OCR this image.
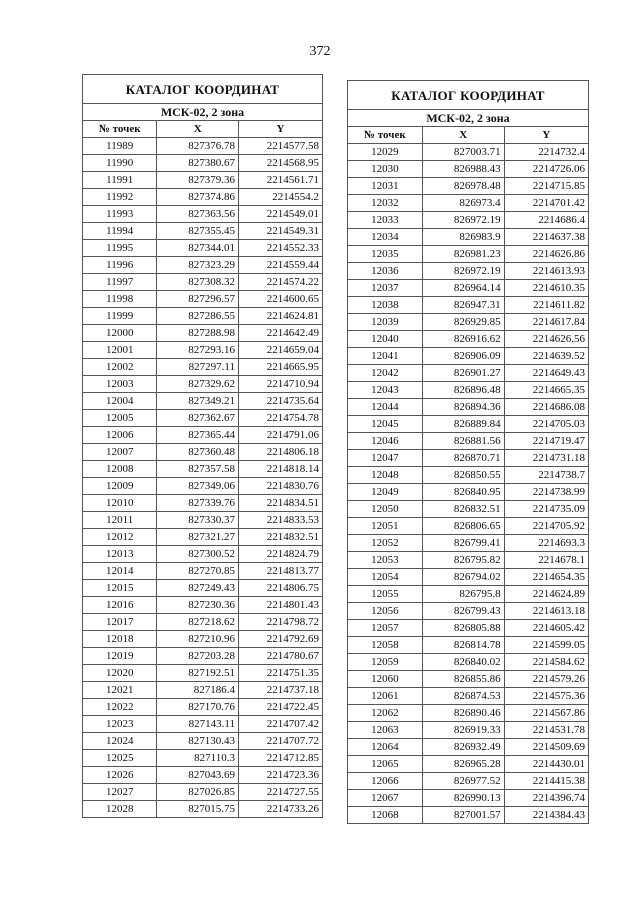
372
КАТАЛОГ КООРДИНАТ		
МСК-02, 2 зона		
№ точек	X	Y
11989	827376.78	2214577.58
11990	827380.67	2214568.95
11991	827379.36	2214561.71
11992	827374.86	2214554.2
11993	827363.56	2214549.01
11994	827355.45	2214549.31
11995	827344.01	2214552.33
11996	827323.29	2214559.44
11997	827308.32	2214574.22
11998	827296.57	2214600.65
11999	827286.55	2214624.81
12000	827288.98	2214642.49
12001	827293.16	2214659.04
12002	827297.11	2214665.95
12003	827329.62	2214710.94
12004	827349.21	2214735.64
12005	827362.67	2214754.78
12006	827365.44	2214791.06
12007	827360.48	2214806.18
12008	827357.58	2214818.14
12009	827349.06	2214830.76
12010	827339.76	2214834.51
12011	827330.37	2214833.53
12012	827321.27	2214832.51
12013	827300.52	2214824.79
12014	827270.85	2214813.77
12015	827249.43	2214806.75
12016	827230.36	2214801.43
12017	827218.62	2214798.72
12018	827210.96	2214792.69
12019	827203.28	2214780.67
12020	827192.51	2214751.35
12021	827186.4	2214737.18
12022	827170.76	2214722.45
12023	827143.11	2214707.42
12024	827130.43	2214707.72
12025	827110.3	2214712.85
12026	827043.69	2214723.36
12027	827026.85	2214727.55
12028	827015.75	2214733.26
КАТАЛОГ КООРДИНАТ		
МСК-02, 2 зона		
№ точек	X	Y
12029	827003.71	2214732.4
12030	826988.43	2214726.06
12031	826978.48	2214715.85
12032	826973.4	2214701.42
12033	826972.19	2214686.4
12034	826983.9	2214637.38
12035	826981.23	2214626.86
12036	826972.19	2214613.93
12037	826964.14	2214610.35
12038	826947.31	2214611.82
12039	826929.85	2214617.84
12040	826916.62	2214626.56
12041	826906.09	2214639.52
12042	826901.27	2214649.43
12043	826896.48	2214665.35
12044	826894.36	2214686.08
12045	826889.84	2214705.03
12046	826881.56	2214719.47
12047	826870.71	2214731.18
12048	826850.55	2214738.7
12049	826840.95	2214738.99
12050	826832.51	2214735.09
12051	826806.65	2214705.92
12052	826799.41	2214693.3
12053	826795.82	2214678.1
12054	826794.02	2214654.35
12055	826795.8	2214624.89
12056	826799.43	2214613.18
12057	826805.88	2214605.42
12058	826814.78	2214599.05
12059	826840.02	2214584.62
12060	826855.86	2214579.26
12061	826874.53	2214575.36
12062	826890.46	2214567.86
12063	826919.33	2214531.78
12064	826932.49	2214509.69
12065	826965.28	2214430.01
12066	826977.52	2214415.38
12067	826990.13	2214396.74
12068	827001.57	2214384.43
